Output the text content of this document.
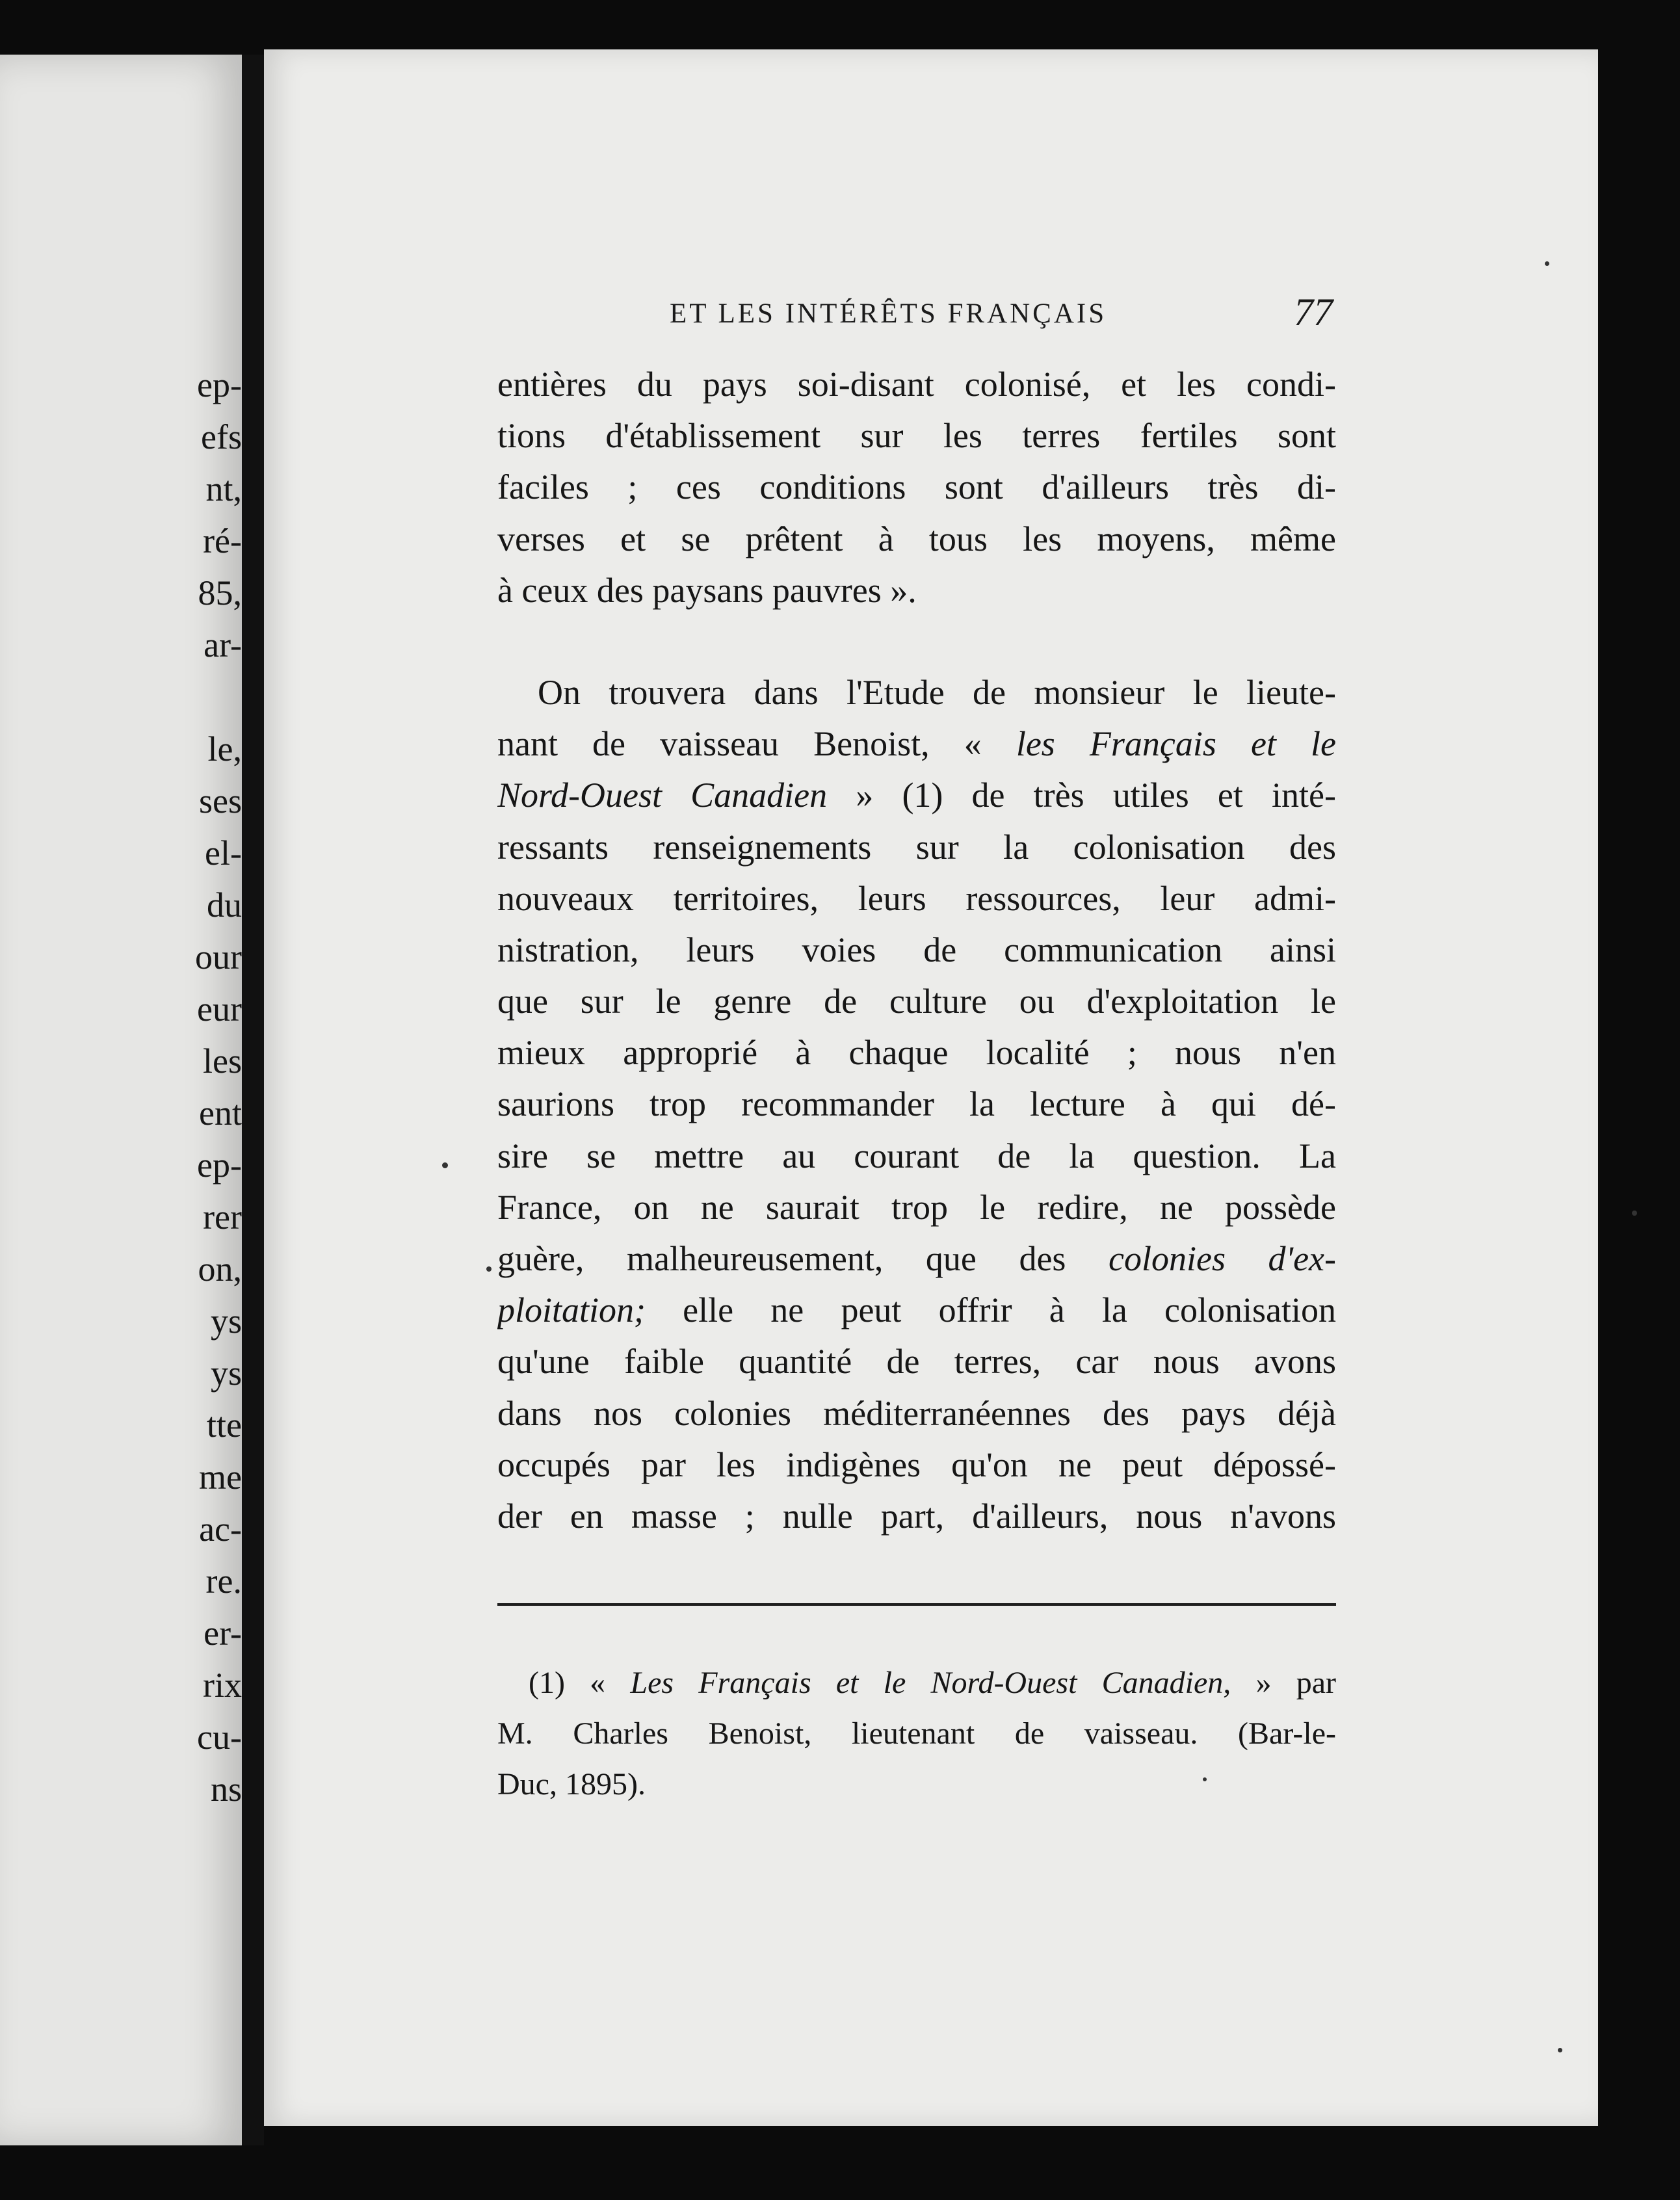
ep-
efs
nt,
ré-
85,
ar-
le,
ses
el-
du
our
eur
les
ent
ep-
rer
on,
ys
ys
tte
me
ac-
re.
er-
rix
cu-
ns
ET LES INTÉRÊTS FRANÇAIS	77
entières du pays soi-disant colonisé, et les condi-
tions d'établissement sur les terres fertiles sont
faciles ; ces conditions sont d'ailleurs très di-
verses et se prêtent à tous les moyens, même
à ceux des paysans pauvres ».
On trouvera dans l'Etude de monsieur le lieute-
nant de vaisseau Benoist, « les Français et le
Nord-Ouest Canadien » (1) de très utiles et inté-
ressants renseignements sur la colonisation des
nouveaux territoires, leurs ressources, leur admi-
nistration, leurs voies de communication ainsi
que sur le genre de culture ou d'exploitation le
mieux approprié à chaque localité ; nous n'en
saurions trop recommander la lecture à qui dé-
sire se mettre au courant de la question. La
France, on ne saurait trop le redire, ne possède
guère, malheureusement, que des colonies d'ex-
ploitation; elle ne peut offrir à la colonisation
qu'une faible quantité de terres, car nous avons
dans nos colonies méditerranéennes des pays déjà
occupés par les indigènes qu'on ne peut dépossé-
der en masse ; nulle part, d'ailleurs, nous n'avons
(1) « Les Français et le Nord-Ouest Canadien, » par
M. Charles Benoist, lieutenant de vaisseau. (Bar-le-
Duc, 1895).
